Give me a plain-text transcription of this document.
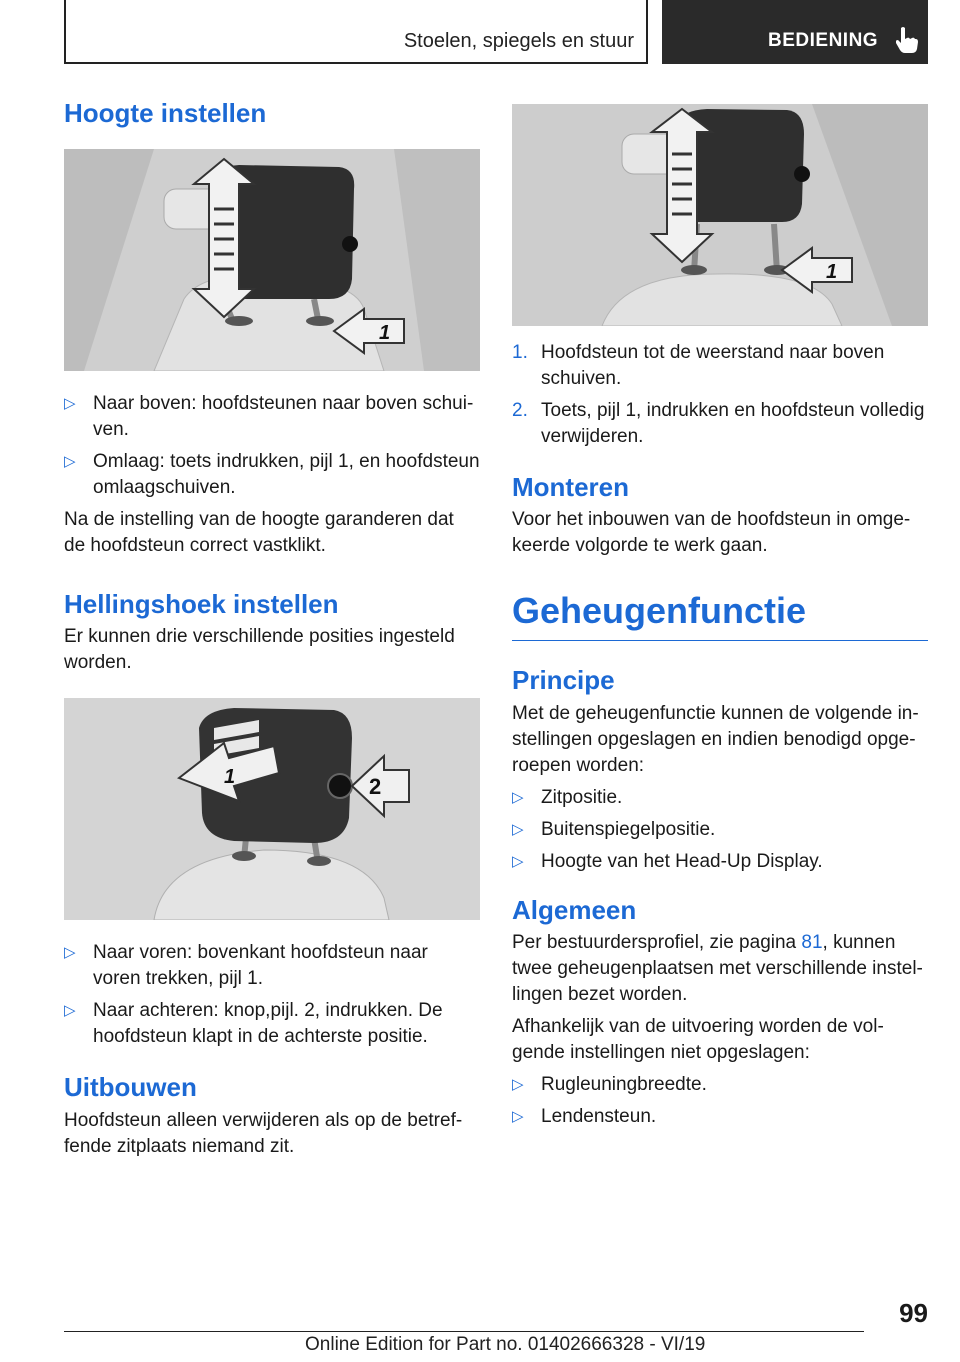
Stoelen, spiegels en stuur	BEDIENING
Hoogte instellen
1
▷ Naar boven: hoofdsteunen naar boven schuiven.
▷ Omlaag: toets indrukken, pijl 1, en hoofdsteun omlaagschuiven.

Na de instelling van de hoogte garanderen dat de hoofdsteun correct vastklikt.

Hellingshoek instellen

Er kunnen drie verschillende posities ingesteld worden.

1	2
▷ Naar voren: bovenkant hoofdsteun naar voren trekken, pijl 1.
▷ Naar achteren: knop,pijl. 2, indrukken. De hoofdsteun klapt in de achterste positie.
Uitbouwen

Hoofdsteun alleen verwijderen als op de betreffende zitplaats niemand zit.

1
1. Hoofdsteun tot de weerstand naar boven schuiven.
2. Toets, pijl 1, indrukken en hoofdsteun volledig verwijderen.
Monteren

Voor het inbouwen van de hoofdsteun in omgekeerde volgorde te werk gaan.

Geheugenfunctie
Principe

Met de geheugenfunctie kunnen de volgende instellingen opgeslagen en indien benodigd opgeroepen worden:

▷ Zitpositie.
▷ Buitenspiegelpositie.
▷ Hoogte van het Head-Up Display.
Algemeen

Per bestuurdersprofiel, zie pagina 81, kunnen twee geheugenplaatsen met verschillende instellingen bezet worden.

Afhankelijk van de uitvoering worden de volgende instellingen niet opgeslagen:

▷ Rugleuningbreedte.
▷ Lendensteun.
99
Online Edition for Part no. 01402666328 - VI/19
